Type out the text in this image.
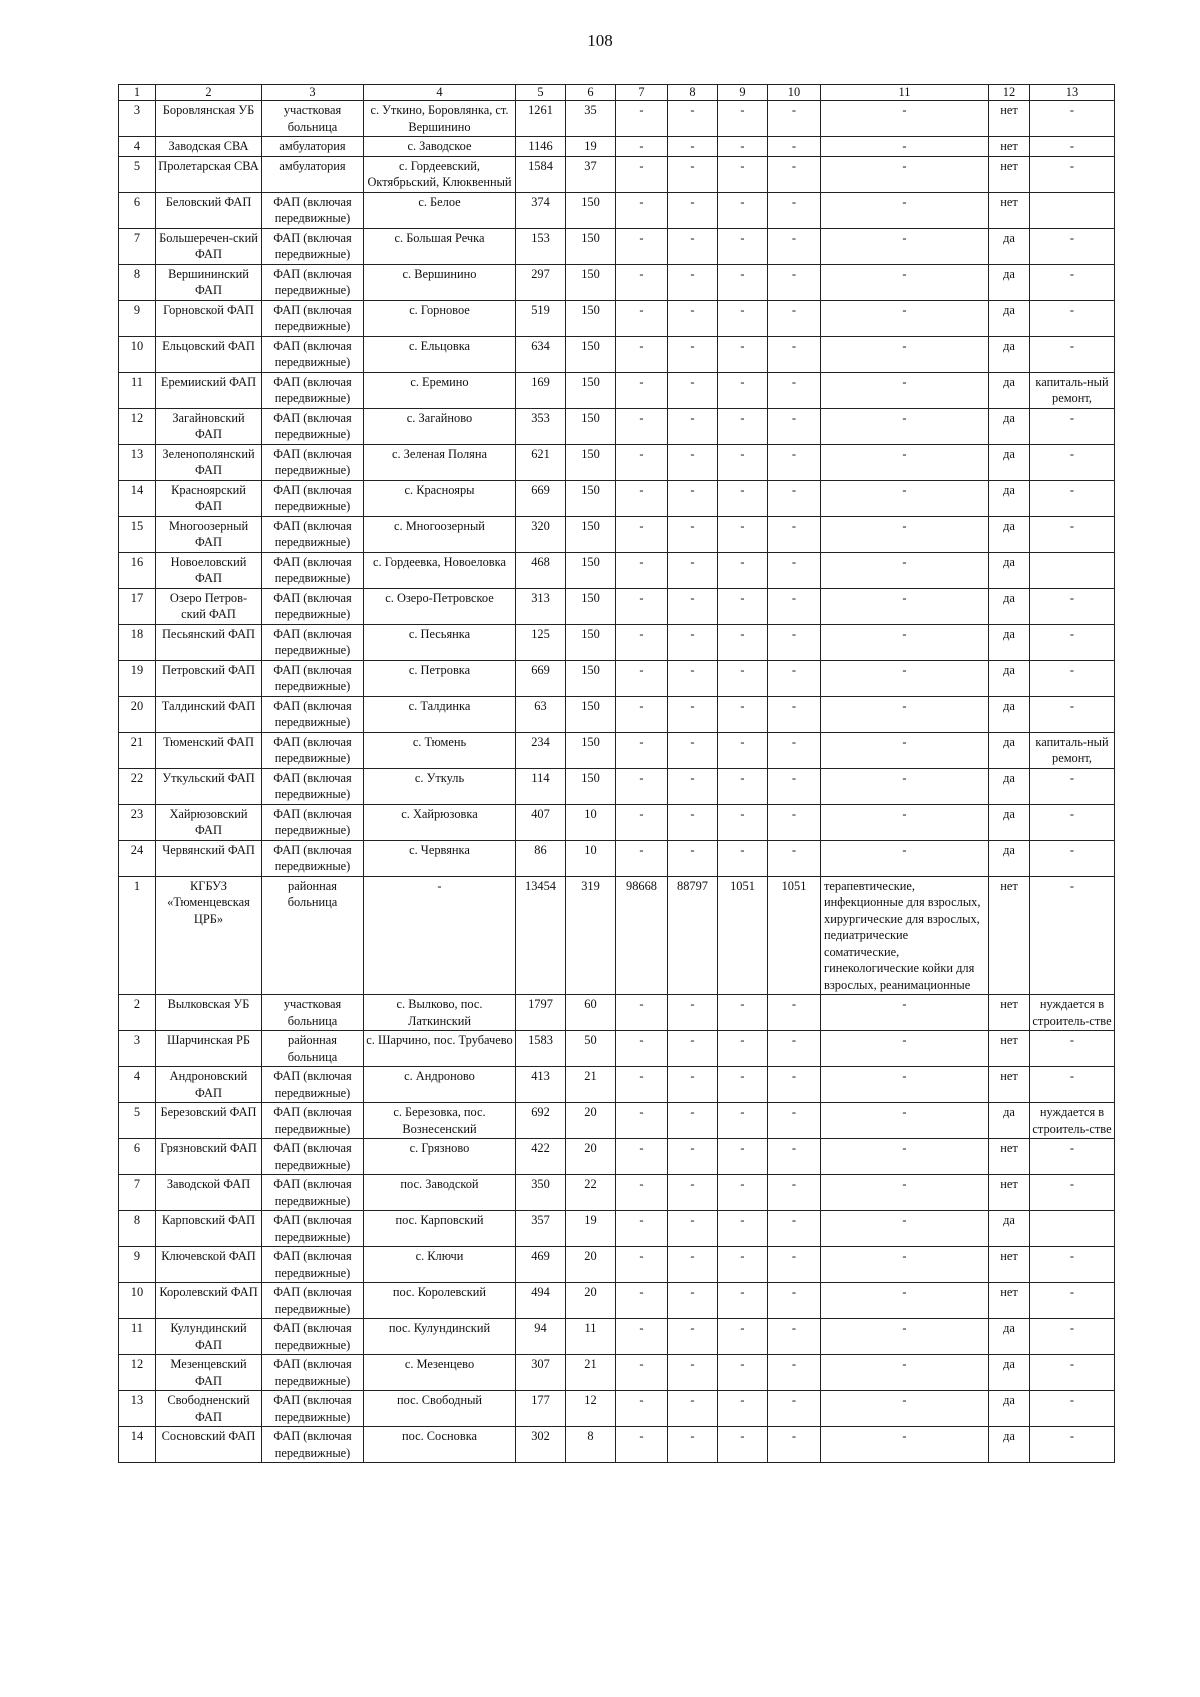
108
1	2	3	4	5	6	7	8	9	10	11	12	13
3	Боровлянская УБ	участковая больница	с. Уткино, Боровлянка, ст. Вершинино	1261	35	-	-	-	-	-	нет	-
4	Заводская СВА	амбулатория	с. Заводское	1146	19	-	-	-	-	-	нет	-
5	Пролетарская СВА	амбулатория	с. Гордеевский, Октябрьский, Клюквенный	1584	37	-	-	-	-	-	нет	-
6	Беловский ФАП	ФАП (включая передвижные)	с. Белое	374	150	-	-	-	-	-	нет	
7	Большеречен-ский ФАП	ФАП (включая передвижные)	с. Большая Речка	153	150	-	-	-	-	-	да	-
8	Вершининский ФАП	ФАП (включая передвижные)	с. Вершинино	297	150	-	-	-	-	-	да	-
9	Горновской ФАП	ФАП (включая передвижные)	с. Горновое	519	150	-	-	-	-	-	да	-
10	Ельцовский ФАП	ФАП (включая передвижные)	с. Ельцовка	634	150	-	-	-	-	-	да	-
11	Еремииский ФАП	ФАП (включая передвижные)	с. Еремино	169	150	-	-	-	-	-	да	капиталь-ный ремонт,
12	Загайновский ФАП	ФАП (включая передвижные)	с. Загайново	353	150	-	-	-	-	-	да	-
13	Зеленополянский ФАП	ФАП (включая передвижные)	с. Зеленая Поляна	621	150	-	-	-	-	-	да	-
14	Красноярский ФАП	ФАП (включая передвижные)	с. Краснояры	669	150	-	-	-	-	-	да	-
15	Многоозерный ФАП	ФАП (включая передвижные)	с. Многоозерный	320	150	-	-	-	-	-	да	-
16	Новоеловский ФАП	ФАП (включая передвижные)	с. Гордеевка, Новоеловка	468	150	-	-	-	-	-	да	
17	Озеро Петров-ский ФАП	ФАП (включая передвижные)	с. Озеро-Петровское	313	150	-	-	-	-	-	да	-
18	Песьянский ФАП	ФАП (включая передвижные)	с. Песьянка	125	150	-	-	-	-	-	да	-
19	Петровский ФАП	ФАП (включая передвижные)	с. Петровка	669	150	-	-	-	-	-	да	-
20	Талдинский ФАП	ФАП (включая передвижные)	с. Талдинка	63	150	-	-	-	-	-	да	-
21	Тюменский ФАП	ФАП (включая передвижные)	с. Тюмень	234	150	-	-	-	-	-	да	капиталь-ный ремонт,
22	Уткульский ФАП	ФАП (включая передвижные)	с. Уткуль	114	150	-	-	-	-	-	да	-
23	Хайрюзовский ФАП	ФАП (включая передвижные)	с. Хайрюзовка	407	10	-	-	-	-	-	да	-
24	Червянский ФАП	ФАП (включая передвижные)	с. Червянка	86	10	-	-	-	-	-	да	-
1	КГБУЗ «Тюменцевская ЦРБ»	районная больница	-	13454	319	98668	88797	1051	1051	терапевтические, инфекционные для взрослых, хирургические для взрослых, педиатрические соматические, гинекологические койки для взрослых, реанимационные	нет	-
2	Вылковская УБ	участковая больница	с. Вылково, пос. Латкинский	1797	60	-	-	-	-	-	нет	нуждается в строитель-стве
3	Шарчинская РБ	районная больница	с. Шарчино, пос. Трубачево	1583	50	-	-	-	-	-	нет	-
4	Андроновский ФАП	ФАП (включая передвижные)	с. Андроново	413	21	-	-	-	-	-	нет	-
5	Березовский ФАП	ФАП (включая передвижные)	с. Березовка, пос. Вознесенский	692	20	-	-	-	-	-	да	нуждается в строитель-стве
6	Грязновский ФАП	ФАП (включая передвижные)	с. Грязново	422	20	-	-	-	-	-	нет	-
7	Заводской ФАП	ФАП (включая передвижные)	пос. Заводской	350	22	-	-	-	-	-	нет	-
8	Карповский ФАП	ФАП (включая передвижные)	пос. Карповский	357	19	-	-	-	-	-	да	
9	Ключевской ФАП	ФАП (включая передвижные)	с. Ключи	469	20	-	-	-	-	-	нет	-
10	Королевский ФАП	ФАП (включая передвижные)	пос. Королевский	494	20	-	-	-	-	-	нет	-
11	Кулундинский ФАП	ФАП (включая передвижные)	пос. Кулундинский	94	11	-	-	-	-	-	да	-
12	Мезенцевский ФАП	ФАП (включая передвижные)	с. Мезенцево	307	21	-	-	-	-	-	да	-
13	Свободненский ФАП	ФАП (включая передвижные)	пос. Свободный	177	12	-	-	-	-	-	да	-
14	Сосновский ФАП	ФАП (включая передвижные)	пос. Сосновка	302	8	-	-	-	-	-	да	-
